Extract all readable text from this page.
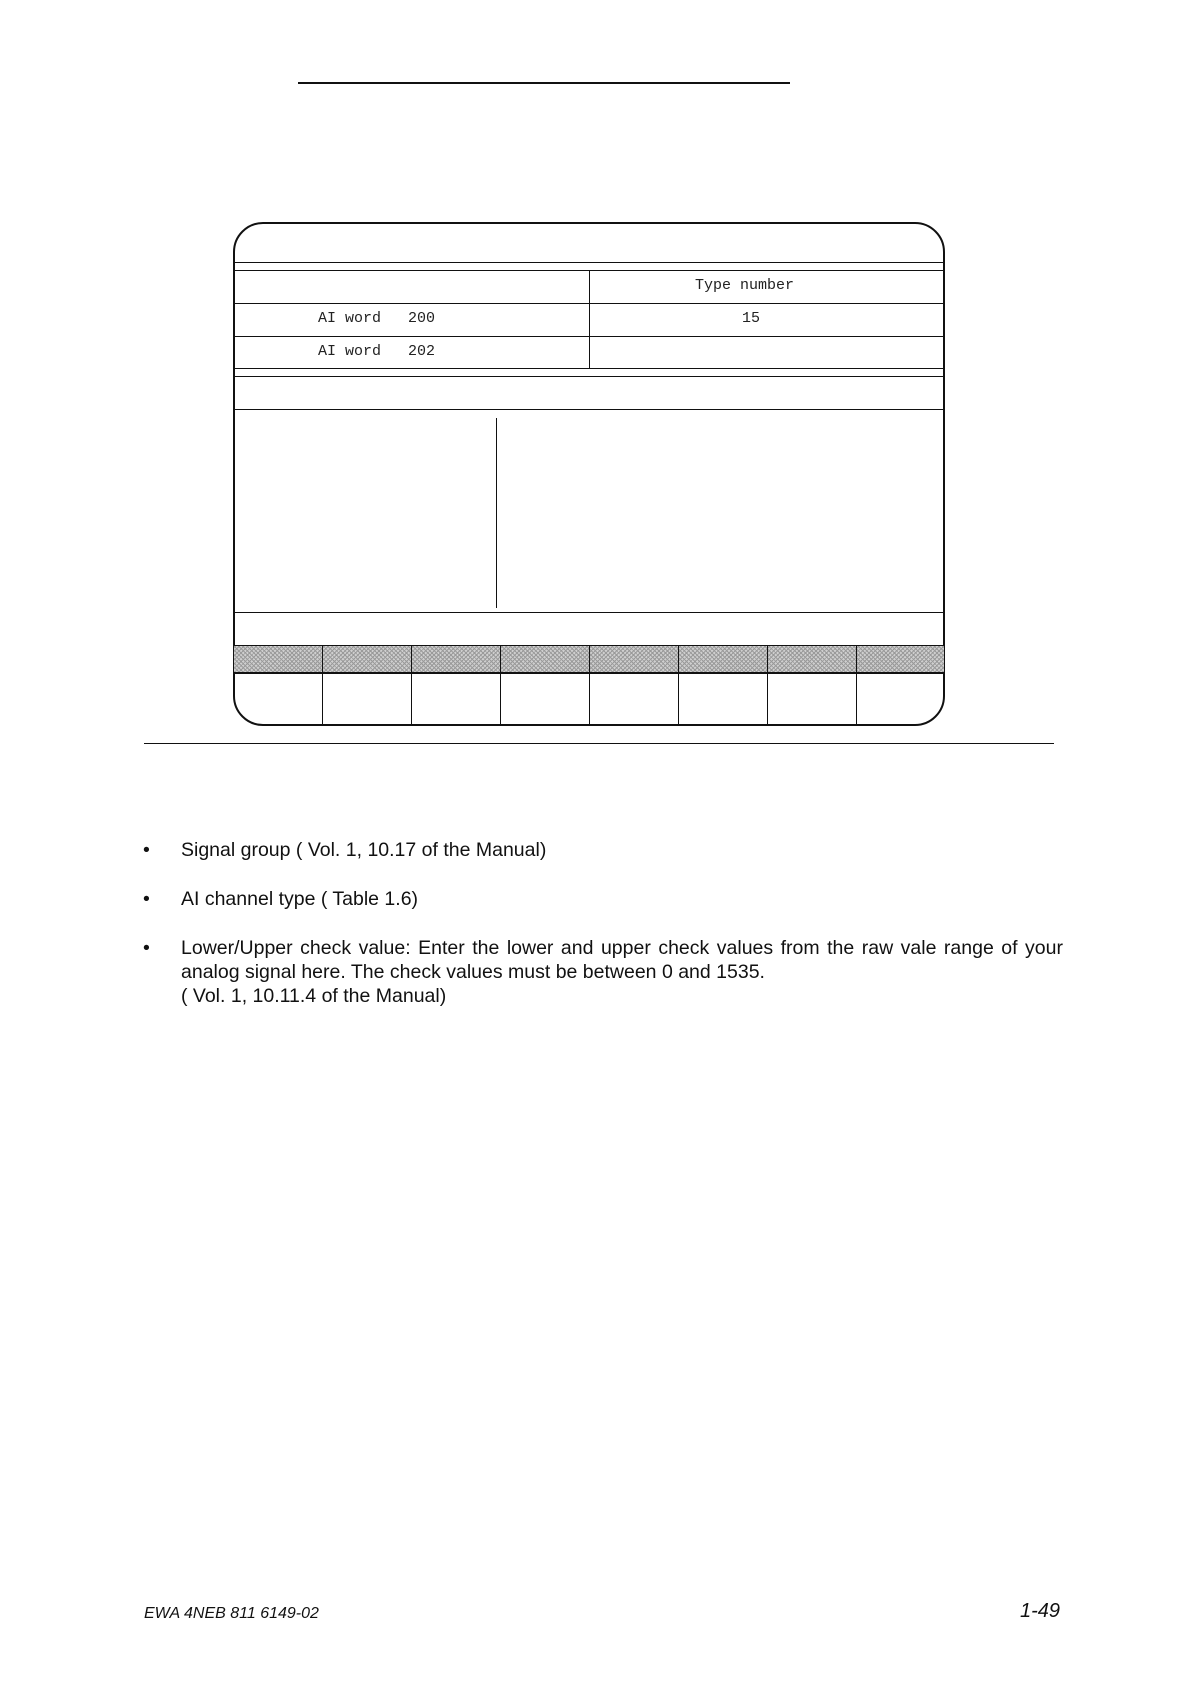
Type number
AI word   200	15
AI word   202
• Signal group ( Vol. 1, 10.17 of the Manual)
• AI channel type ( Table 1.6)
• Lower/Upper check value: Enter the lower and upper check values from the raw vale range of your analog signal here. The check values must be between 0 and 1535.
( Vol. 1, 10.11.4 of the Manual)
EWA 4NEB 811 6149-02	1-49
